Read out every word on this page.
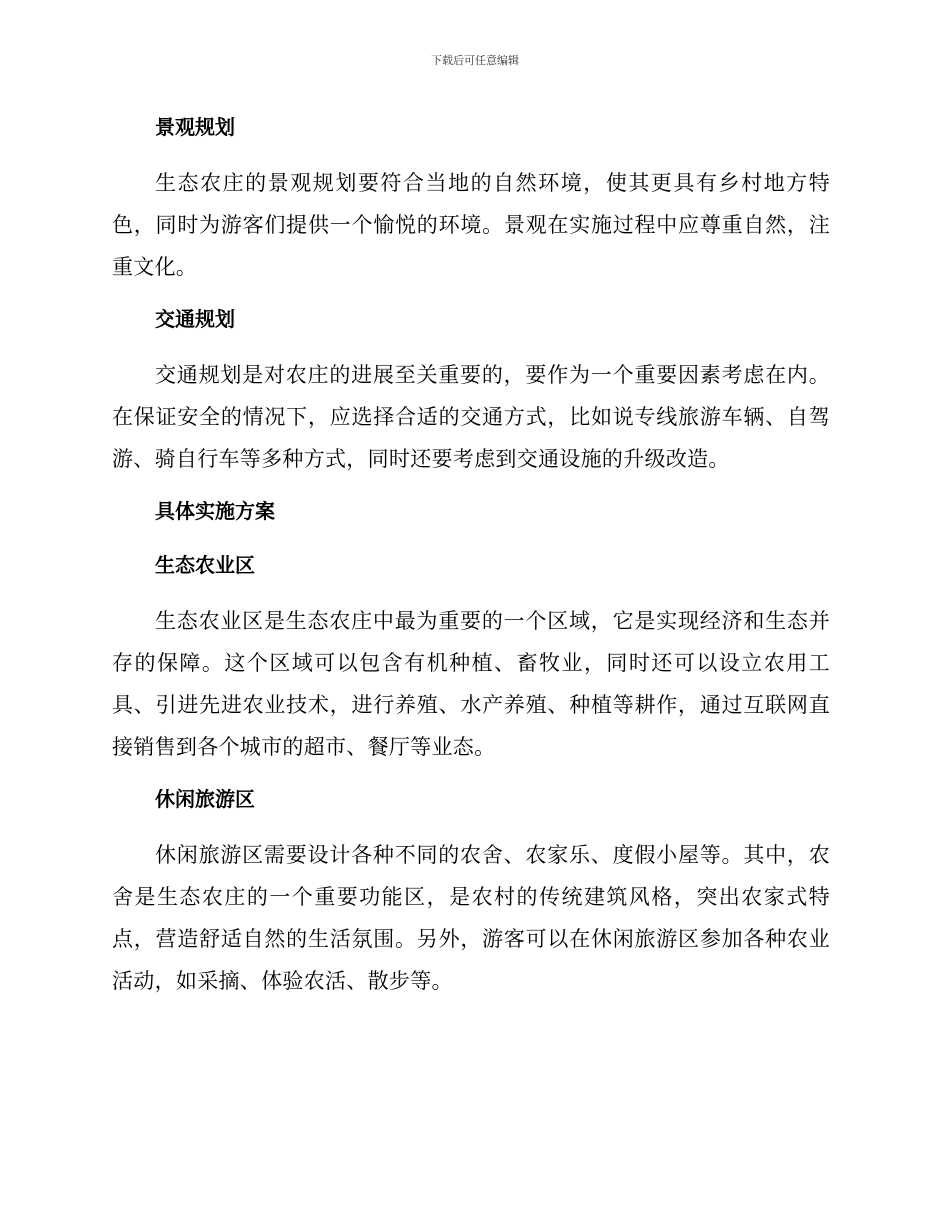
下载后可任意编辑
景观规划

生态农庄的景观规划要符合当地的自然环境，使其更具有乡村地方特色，同时为游客们提供一个愉悦的环境。景观在实施过程中应尊重自然，注重文化。

交通规划

交通规划是对农庄的进展至关重要的，要作为一个重要因素考虑在内。在保证安全的情况下，应选择合适的交通方式，比如说专线旅游车辆、自驾游、骑自行车等多种方式，同时还要考虑到交通设施的升级改造。

具体实施方案
生态农业区

生态农业区是生态农庄中最为重要的一个区域，它是实现经济和生态并存的保障。这个区域可以包含有机种植、畜牧业，同时还可以设立农用工具、引进先进农业技术，进行养殖、水产养殖、种植等耕作，通过互联网直接销售到各个城市的超市、餐厅等业态。

休闲旅游区

休闲旅游区需要设计各种不同的农舍、农家乐、度假小屋等。其中，农舍是生态农庄的一个重要功能区，是农村的传统建筑风格，突出农家式特点，营造舒适自然的生活氛围。另外，游客可以在休闲旅游区参加各种农业活动，如采摘、体验农活、散步等。
